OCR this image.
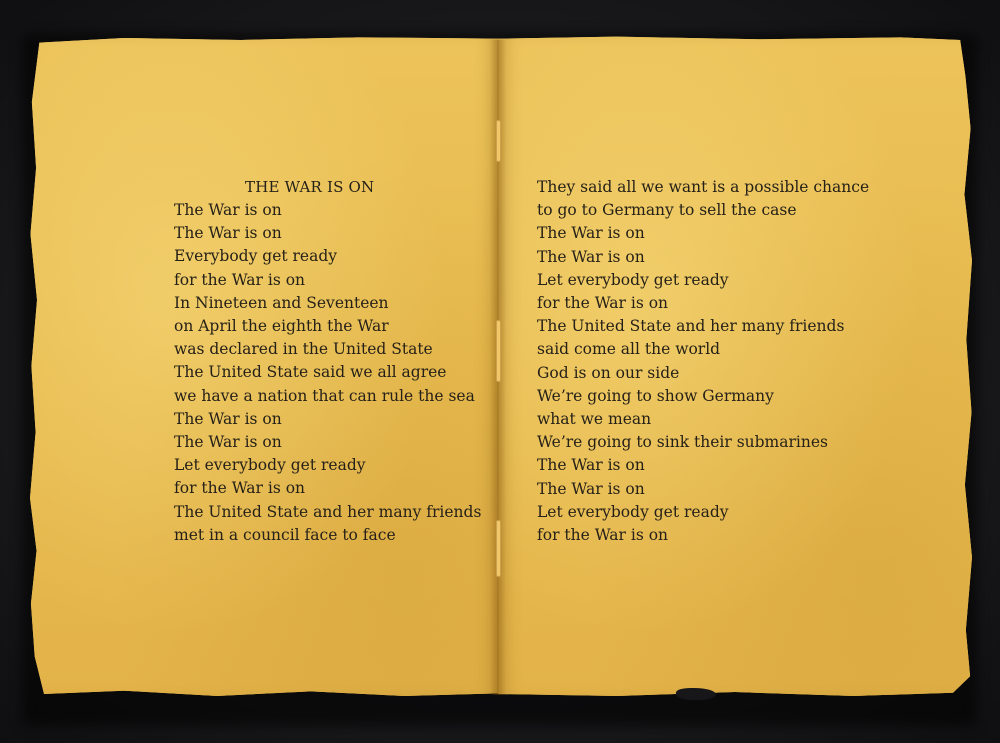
THE WAR IS ON
The War is on
The War is on
Everybody get ready
for the War is on
In Nineteen and Seventeen
on April the eighth the War
was declared in the United State
The United State said we all agree
we have a nation that can rule the sea
The War is on
The War is on
Let everybody get ready
for the War is on
The United State and her many friends
met in a council face to face
They said all we want is a possible chance
to go to Germany to sell the case
The War is on
The War is on
Let everybody get ready
for the War is on
The United State and her many friends
said come all the world
God is on our side
We’re going to show Germany
what we mean
We’re going to sink their submarines
The War is on
The War is on
Let everybody get ready
for the War is on
